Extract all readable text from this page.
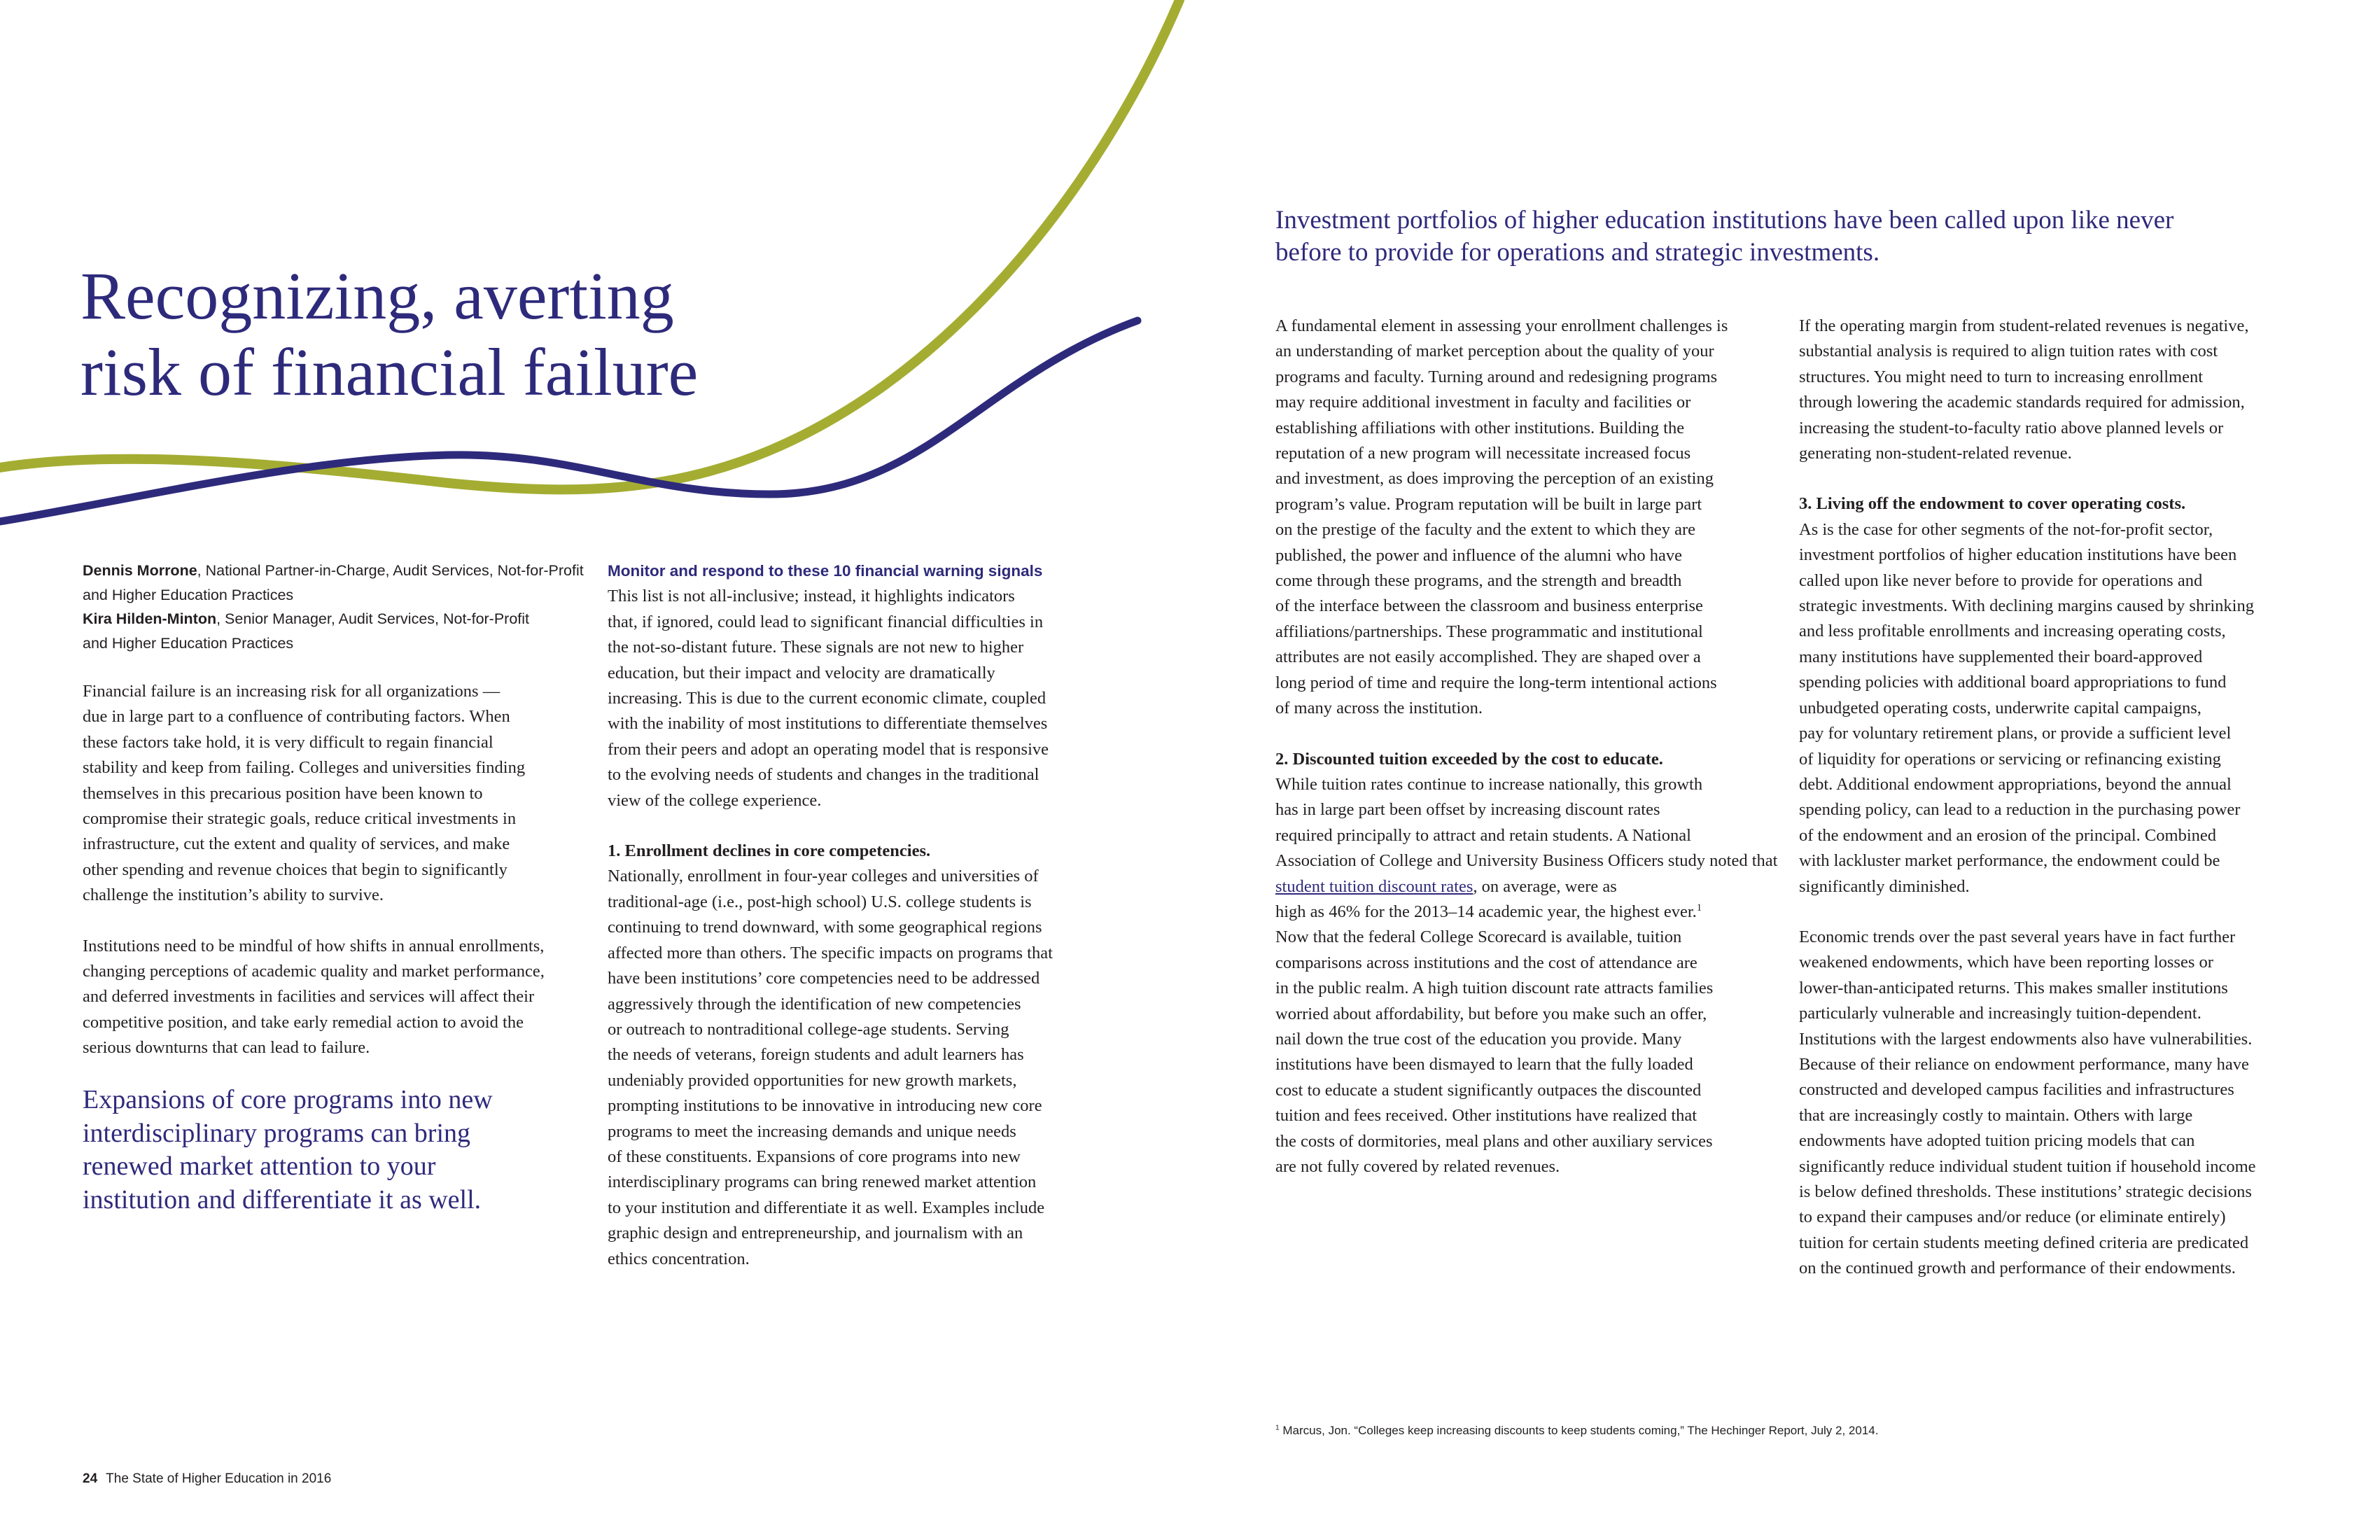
Recognizing, averting
risk of financial failure
Dennis Morrone, National Partner-in-Charge, Audit Services, Not-for-Profit
and Higher Education Practices
Kira Hilden-Minton, Senior Manager, Audit Services, Not-for-Profit
and Higher Education Practices

Financial failure is an increasing risk for all organizations —
due in large part to a confluence of contributing factors. When
these factors take hold, it is very difficult to regain financial
stability and keep from failing. Colleges and universities finding
themselves in this precarious position have been known to
compromise their strategic goals, reduce critical investments in
infrastructure, cut the extent and quality of services, and make
other spending and revenue choices that begin to significantly
challenge the institution’s ability to survive.

Institutions need to be mindful of how shifts in annual enrollments,
changing perceptions of academic quality and market performance,
and deferred investments in facilities and services will affect their
competitive position, and take early remedial action to avoid the
serious downturns that can lead to failure.

Expansions of core programs into new
interdisciplinary programs can bring
renewed market attention to your
institution and differentiate it as well.
Monitor and respond to these 10 financial warning signals

This list is not all-inclusive; instead, it highlights indicators
that, if ignored, could lead to significant financial difficulties in
the not-so-distant future. These signals are not new to higher
education, but their impact and velocity are dramatically
increasing. This is due to the current economic climate, coupled
with the inability of most institutions to differentiate themselves
from their peers and adopt an operating model that is responsive
to the evolving needs of students and changes in the traditional
view of the college experience.

1. Enrollment declines in core competencies.

Nationally, enrollment in four-year colleges and universities of
traditional-age (i.e., post-high school) U.S. college students is
continuing to trend downward, with some geographical regions
affected more than others. The specific impacts on programs that
have been institutions’ core competencies need to be addressed
aggressively through the identification of new competencies
or outreach to nontraditional college-age students. Serving
the needs of veterans, foreign students and adult learners has
undeniably provided opportunities for new growth markets,
prompting institutions to be innovative in introducing new core
programs to meet the increasing demands and unique needs
of these constituents. Expansions of core programs into new
interdisciplinary programs can bring renewed market attention
to your institution and differentiate it as well. Examples include
graphic design and entrepreneurship, and journalism with an
ethics concentration.

Investment portfolios of higher education institutions have been called upon like never
before to provide for operations and strategic investments.

A fundamental element in assessing your enrollment challenges is
an understanding of market perception about the quality of your
programs and faculty. Turning around and redesigning programs
may require additional investment in faculty and facilities or
establishing affiliations with other institutions. Building the
reputation of a new program will necessitate increased focus
and investment, as does improving the perception of an existing
program’s value. Program reputation will be built in large part
on the prestige of the faculty and the extent to which they are
published, the power and influence of the alumni who have
come through these programs, and the strength and breadth
of the interface between the classroom and business enterprise
affiliations/partnerships. These programmatic and institutional
attributes are not easily accomplished. They are shaped over a
long period of time and require the long-term intentional actions
of many across the institution.

2. Discounted tuition exceeded by the cost to educate.

While tuition rates continue to increase nationally, this growth
has in large part been offset by increasing discount rates
required principally to attract and retain students. A National
Association of College and University Business Officers study noted that student tuition discount rates, on average, were as
high as 46% for the 2013–14 academic year, the highest ever.$^1$
Now that the federal College Scorecard is available, tuition
comparisons across institutions and the cost of attendance are
in the public realm. A high tuition discount rate attracts families
worried about affordability, but before you make such an offer,
nail down the true cost of the education you provide. Many
institutions have been dismayed to learn that the fully loaded
cost to educate a student significantly outpaces the discounted
tuition and fees received. Other institutions have realized that
the costs of dormitories, meal plans and other auxiliary services
are not fully covered by related revenues.

If the operating margin from student-related revenues is negative,
substantial analysis is required to align tuition rates with cost
structures. You might need to turn to increasing enrollment
through lowering the academic standards required for admission,
increasing the student-to-faculty ratio above planned levels or
generating non-student-related revenue.

3. Living off the endowment to cover operating costs.

As is the case for other segments of the not-for-profit sector,
investment portfolios of higher education institutions have been
called upon like never before to provide for operations and
strategic investments. With declining margins caused by shrinking
and less profitable enrollments and increasing operating costs,
many institutions have supplemented their board-approved
spending policies with additional board appropriations to fund
unbudgeted operating costs, underwrite capital campaigns,
pay for voluntary retirement plans, or provide a sufficient level
of liquidity for operations or servicing or refinancing existing
debt. Additional endowment appropriations, beyond the annual
spending policy, can lead to a reduction in the purchasing power
of the endowment and an erosion of the principal. Combined
with lackluster market performance, the endowment could be
significantly diminished.

Economic trends over the past several years have in fact further
weakened endowments, which have been reporting losses or
lower-than-anticipated returns. This makes smaller institutions
particularly vulnerable and increasingly tuition-dependent.
Institutions with the largest endowments also have vulnerabilities.
Because of their reliance on endowment performance, many have
constructed and developed campus facilities and infrastructures
that are increasingly costly to maintain. Others with large
endowments have adopted tuition pricing models that can
significantly reduce individual student tuition if household income
is below defined thresholds. These institutions’ strategic decisions
to expand their campuses and/or reduce (or eliminate entirely)
tuition for certain students meeting defined criteria are predicated
on the continued growth and performance of their endowments.

$^1$ Marcus, Jon. “Colleges keep increasing discounts to keep students coming,” The Hechinger Report, July 2, 2014.
24 The State of Higher Education in 2016
